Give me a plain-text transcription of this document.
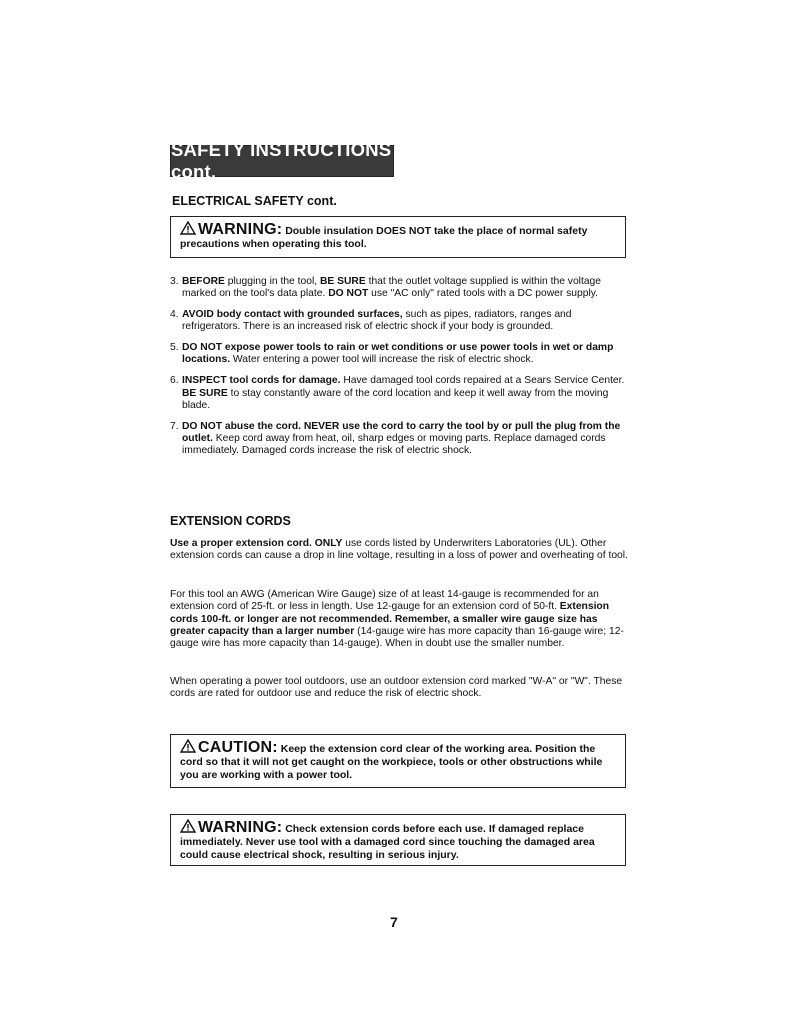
SAFETY INSTRUCTIONS cont.
ELECTRICAL SAFETY cont.
WARNING: Double insulation DOES NOT take the place of normal safety precautions when operating this tool.
3. BEFORE plugging in the tool, BE SURE that the outlet voltage supplied is within the voltage marked on the tool's data plate. DO NOT use "AC only" rated tools with a DC power supply.
4. AVOID body contact with grounded surfaces, such as pipes, radiators, ranges and refrigerators. There is an increased risk of electric shock if your body is grounded.
5. DO NOT expose power tools to rain or wet conditions or use power tools in wet or damp locations. Water entering a power tool will increase the risk of electric shock.
6. INSPECT tool cords for damage. Have damaged tool cords repaired at a Sears Service Center. BE SURE to stay constantly aware of the cord location and keep it well away from the moving blade.
7. DO NOT abuse the cord. NEVER use the cord to carry the tool by or pull the plug from the outlet. Keep cord away from heat, oil, sharp edges or moving parts. Replace damaged cords immediately. Damaged cords increase the risk of electric shock.
EXTENSION CORDS
Use a proper extension cord. ONLY use cords listed by Underwriters Laboratories (UL). Other extension cords can cause a drop in line voltage, resulting in a loss of power and overheating of tool.
For this tool an AWG (American Wire Gauge) size of at least 14-gauge is recommended for an extension cord of 25-ft. or less in length. Use 12-gauge for an extension cord of 50-ft. Extension cords 100-ft. or longer are not recommended. Remember, a smaller wire gauge size has greater capacity than a larger number (14-gauge wire has more capacity than 16-gauge wire; 12-gauge wire has more capacity than 14-gauge). When in doubt use the smaller number.
When operating a power tool outdoors, use an outdoor extension cord marked "W-A" or "W". These cords are rated for outdoor use and reduce the risk of electric shock.
CAUTION: Keep the extension cord clear of the working area. Position the cord so that it will not get caught on the workpiece, tools or other obstructions while you are working with a power tool.
WARNING: Check extension cords before each use. If damaged replace immediately. Never use tool with a damaged cord since touching the damaged area could cause electrical shock, resulting in serious injury.
7
